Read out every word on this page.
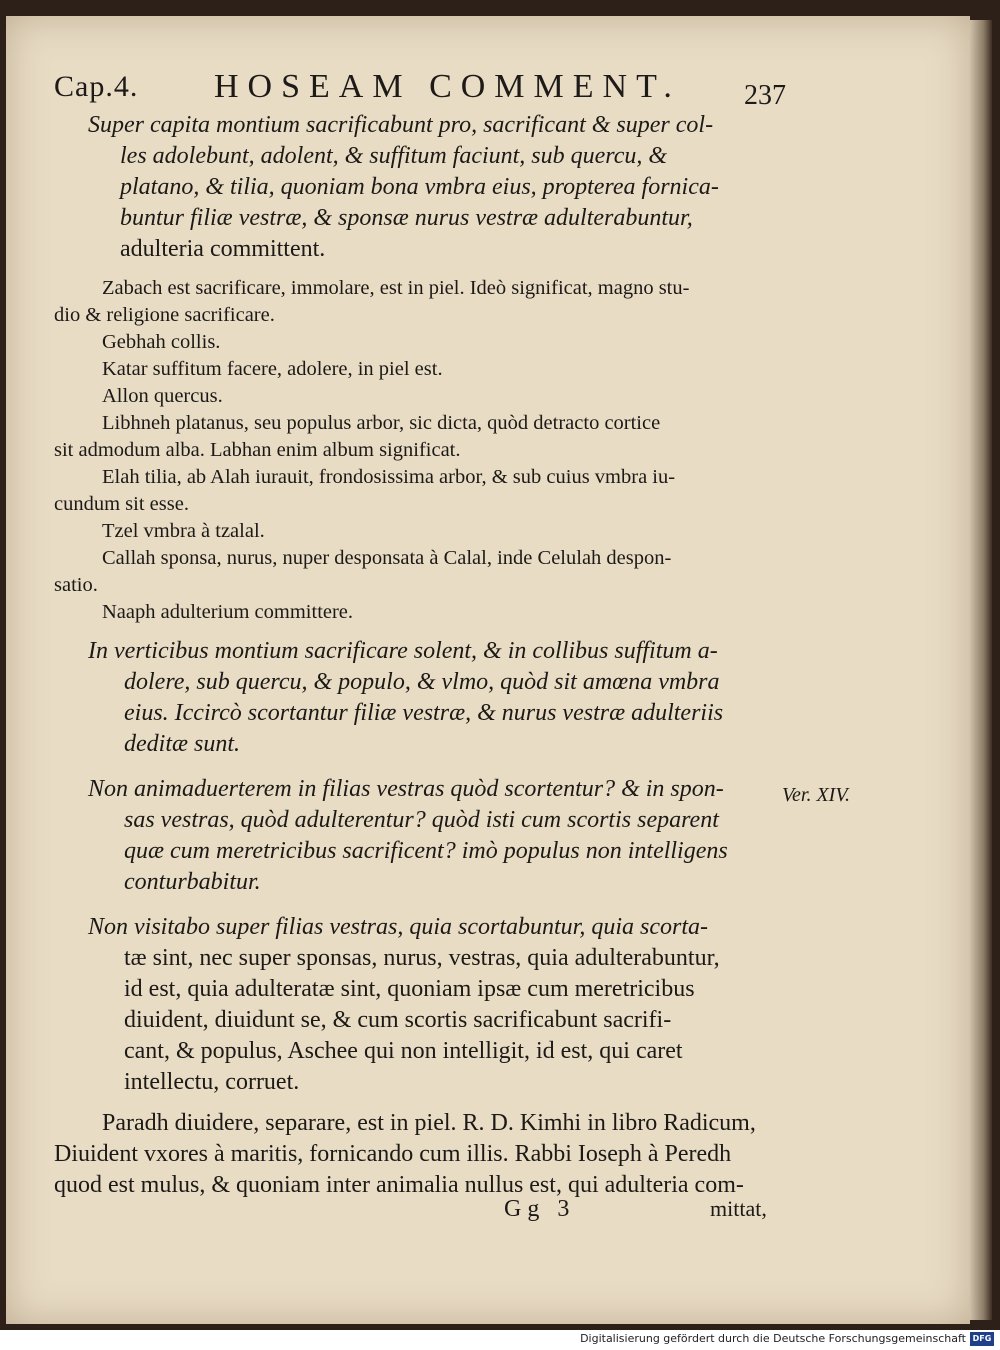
Cap.4. HOSEAM COMMENT. 237
Super capita montium sacrificabunt pro, sacrificant & super col-
les adolebunt, adolent, & suffitum faciunt, sub quercu, &
platano, & tilia, quoniam bona vmbra eius, propterea fornica-
buntur filiæ vestræ, & sponsæ nurus vestræ adulterabuntur,
adulteria committent.
Zabach est sacrificare, immolare, est in piel. Ideò significat, magno stu-
dio & religione sacrificare.
Gebhah collis.
Katar suffitum facere, adolere, in piel est.
Allon quercus.
Libhneh platanus, seu populus arbor, sic dicta, quòd detracto cortice
sit admodum alba. Labhan enim album significat.
Elah tilia, ab Alah iurauit, frondosissima arbor, & sub cuius vmbra iu-
cundum sit esse.
Tzel vmbra à tzalal.
Callah sponsa, nurus, nuper desponsata à Calal, inde Celulah despon-
satio.
Naaph adulterium committere.
In verticibus montium sacrificare solent, & in collibus suffitum a-
dolere, sub quercu, & populo, & vlmo, quòd sit amœna vmbra
eius. Iccircò scortantur filiæ vestræ, & nurus vestræ adulteriis
deditæ sunt.
Non animaduerterem in filias vestras quòd scortentur? & in spon-
sas vestras, quòd adulterentur? quòd isti cum scortis separent
quæ cum meretricibus sacrificent? imò populus non intelligens
conturbabitur.
Non visitabo super filias vestras, quia scortabuntur, quia scorta-
tæ sint, nec super sponsas, nurus, vestras, quia adulterabuntur,
id est, quia adulteratæ sint, quoniam ipsæ cum meretricibus
diuident, diuidunt se, & cum scortis sacrificabunt sacrifi-
cant, & populus, Aschee qui non intelligit, id est, qui caret
intellectu, corruet.
Paradh diuidere, separare, est in piel. R. D. Kimhi in libro Radicum,
Diuident vxores à maritis, fornicando cum illis. Rabbi Ioseph à Peredh
quod est mulus, & quoniam inter animalia nullus est, qui adulteria com-
Ver. XIV.
Gg 3	mittat,
Digitalisierung gefördert durch die Deutsche Forschungsgemeinschaft DFG
